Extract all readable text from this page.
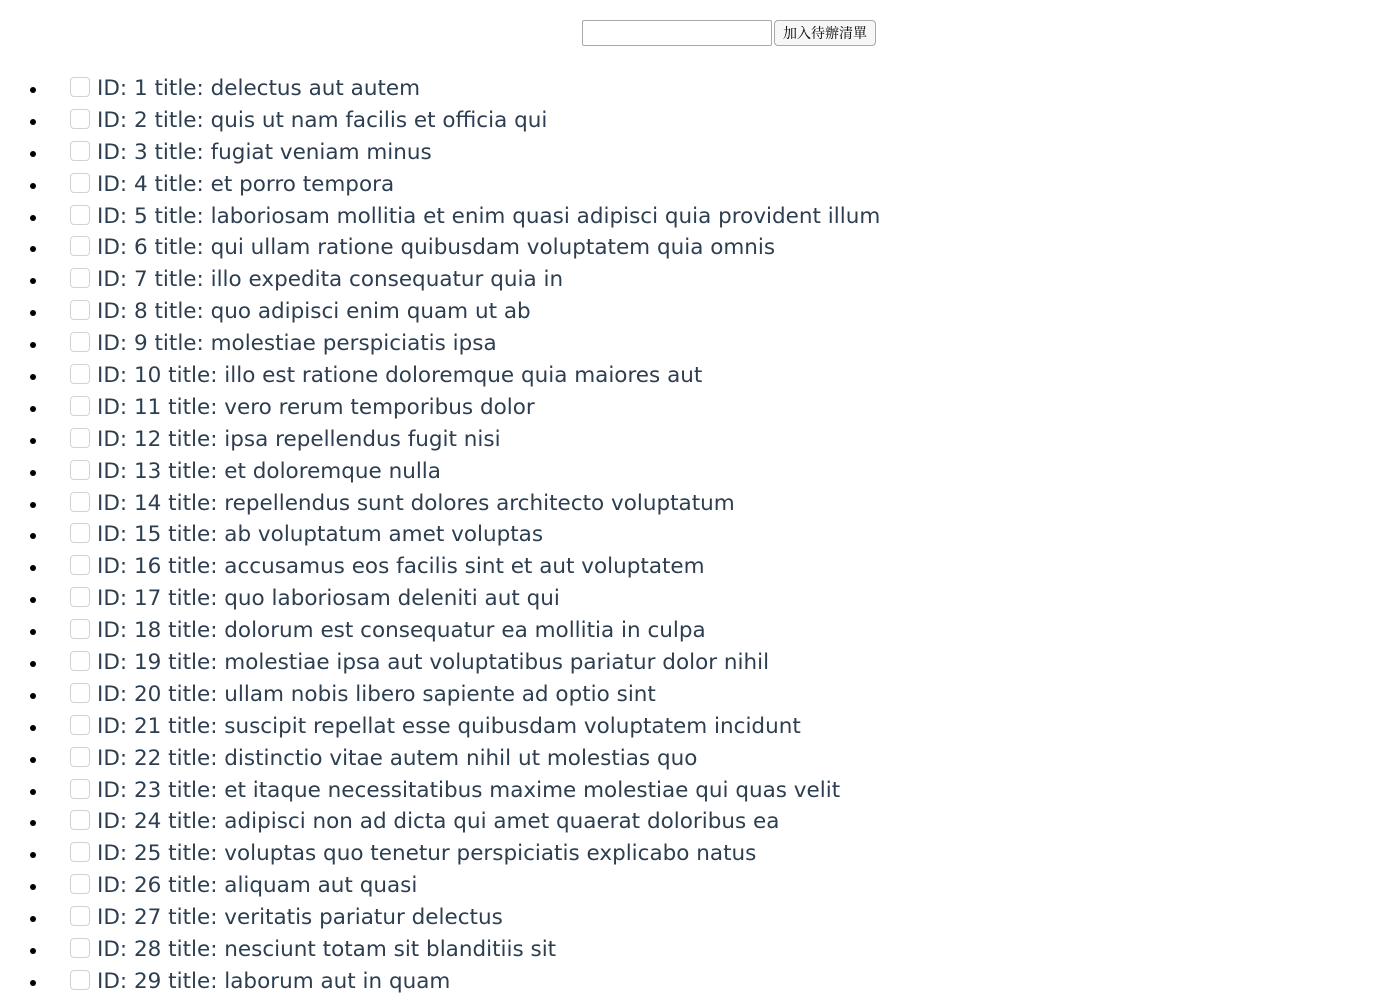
加入待辦清單
• ID: 1 title: delectus aut autem
• ID: 2 title: quis ut nam facilis et officia qui
• ID: 3 title: fugiat veniam minus
• ID: 4 title: et porro tempora
• ID: 5 title: laboriosam mollitia et enim quasi adipisci quia provident illum
• ID: 6 title: qui ullam ratione quibusdam voluptatem quia omnis
• ID: 7 title: illo expedita consequatur quia in
• ID: 8 title: quo adipisci enim quam ut ab
• ID: 9 title: molestiae perspiciatis ipsa
• ID: 10 title: illo est ratione doloremque quia maiores aut
• ID: 11 title: vero rerum temporibus dolor
• ID: 12 title: ipsa repellendus fugit nisi
• ID: 13 title: et doloremque nulla
• ID: 14 title: repellendus sunt dolores architecto voluptatum
• ID: 15 title: ab voluptatum amet voluptas
• ID: 16 title: accusamus eos facilis sint et aut voluptatem
• ID: 17 title: quo laboriosam deleniti aut qui
• ID: 18 title: dolorum est consequatur ea mollitia in culpa
• ID: 19 title: molestiae ipsa aut voluptatibus pariatur dolor nihil
• ID: 20 title: ullam nobis libero sapiente ad optio sint
• ID: 21 title: suscipit repellat esse quibusdam voluptatem incidunt
• ID: 22 title: distinctio vitae autem nihil ut molestias quo
• ID: 23 title: et itaque necessitatibus maxime molestiae qui quas velit
• ID: 24 title: adipisci non ad dicta qui amet quaerat doloribus ea
• ID: 25 title: voluptas quo tenetur perspiciatis explicabo natus
• ID: 26 title: aliquam aut quasi
• ID: 27 title: veritatis pariatur delectus
• ID: 28 title: nesciunt totam sit blanditiis sit
• ID: 29 title: laborum aut in quam
